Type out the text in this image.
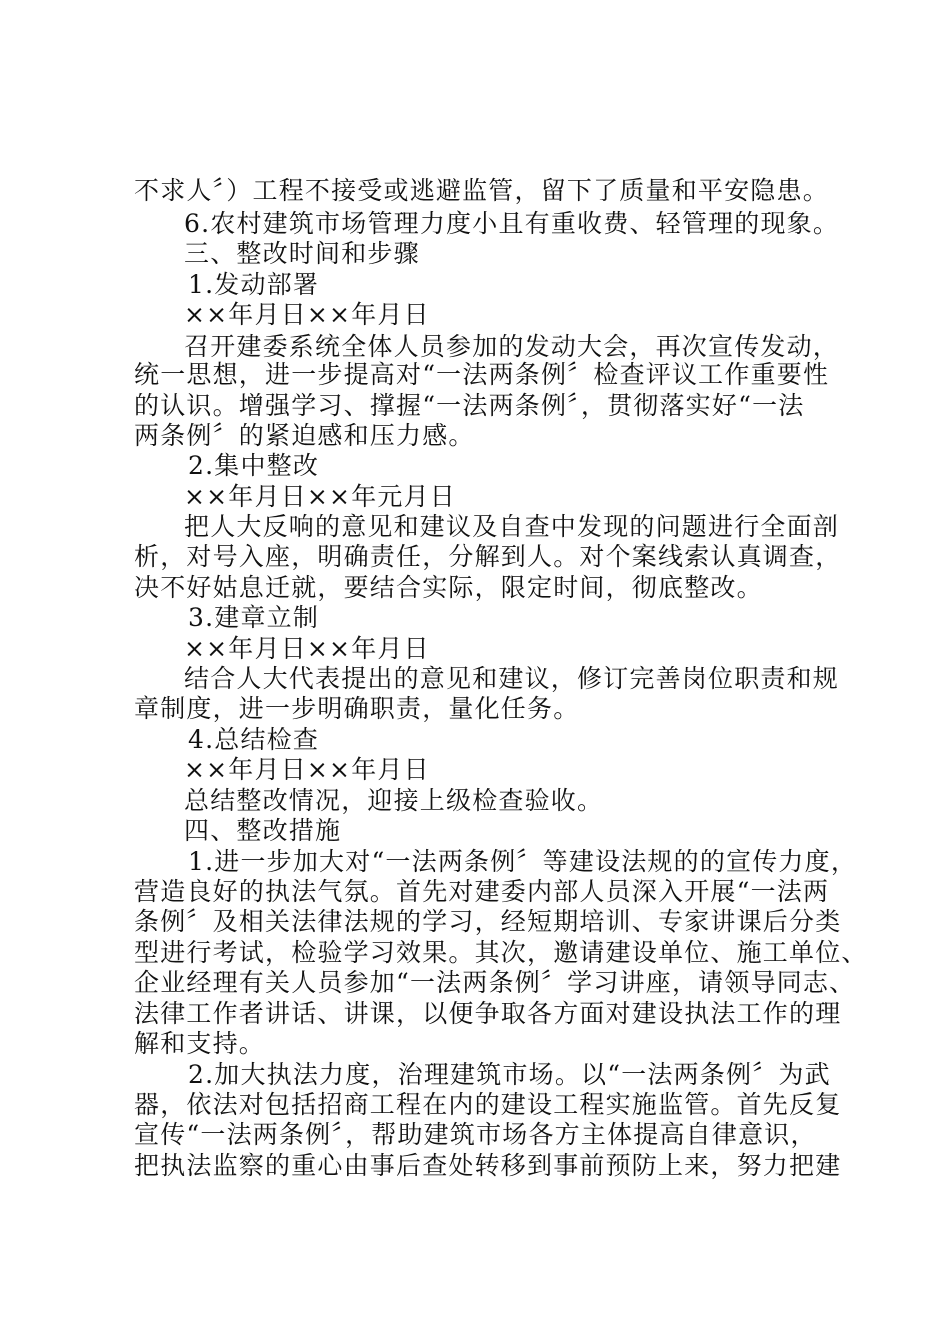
不求人〞）工程不接受或逃避监管，留下了质量和平安隐患。
6.农村建筑市场管理力度小且有重收费、轻管理的现象。
三、整改时间和步骤
1.发动部署
××年月日××年月日
召开建委系统全体人员参加的发动大会，再次宣传发动，
统一思想，进一步提高对“一法两条例〞检查评议工作重要性
的认识。增强学习、撑握“一法两条例〞，贯彻落实好“一法
两条例〞的紧迫感和压力感。
2.集中整改
××年月日××年元月日
把人大反响的意见和建议及自查中发现的问题进行全面剖
析，对号入座，明确责任，分解到人。对个案线索认真调查，
决不好姑息迁就，要结合实际，限定时间，彻底整改。
3.建章立制
××年月日××年月日
结合人大代表提出的意见和建议，修订完善岗位职责和规
章制度，进一步明确职责，量化任务。
4.总结检查
××年月日××年月日
总结整改情况，迎接上级检查验收。
四、整改措施
1.进一步加大对“一法两条例〞等建设法规的的宣传力度，
营造良好的执法气氛。首先对建委内部人员深入开展“一法两
条例〞及相关法律法规的学习，经短期培训、专家讲课后分类
型进行考试，检验学习效果。其次，邀请建设单位、施工单位、
企业经理有关人员参加“一法两条例〞学习讲座，请领导同志、
法律工作者讲话、讲课，以便争取各方面对建设执法工作的理
解和支持。
2.加大执法力度，治理建筑市场。以“一法两条例〞为武
器，依法对包括招商工程在内的建设工程实施监管。首先反复
宣传“一法两条例〞，帮助建筑市场各方主体提高自律意识，
把执法监察的重心由事后查处转移到事前预防上来，努力把建
